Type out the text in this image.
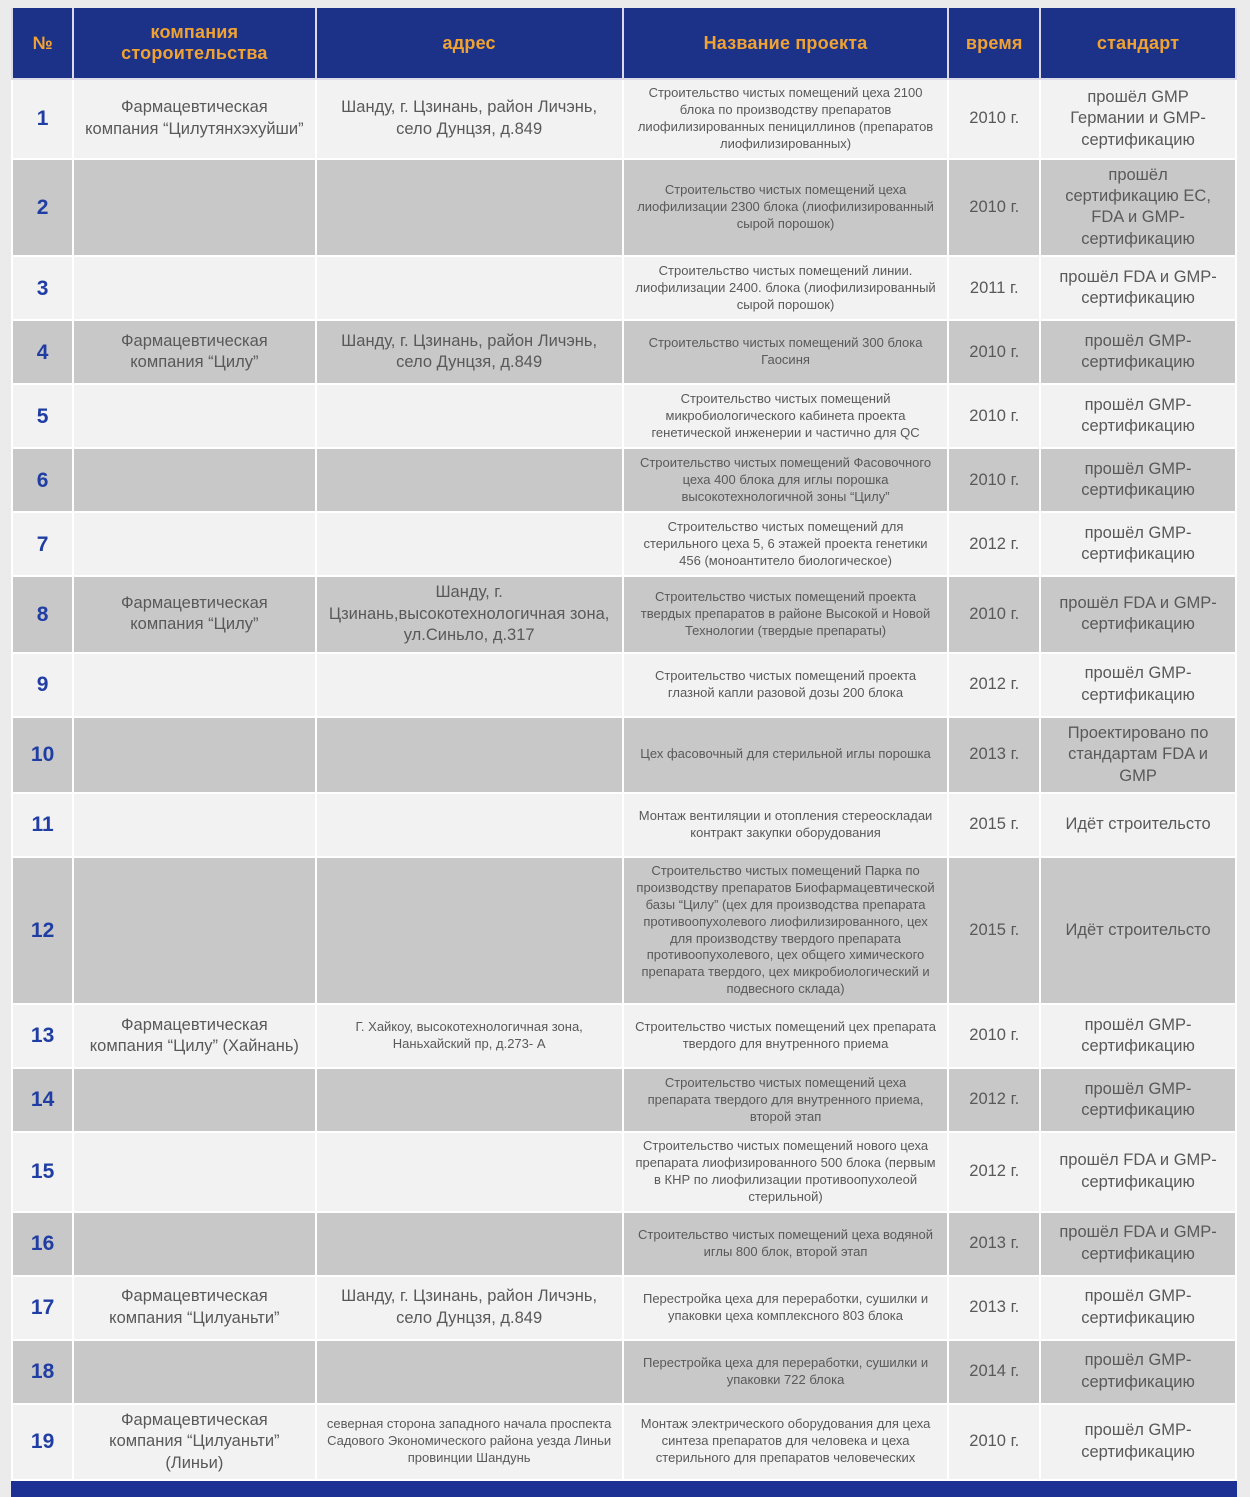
№	компания стороительства	адрес	Название проекта	время	стандарт
1	Фармацевтическая компания “Цилутянхэхуйши”	Шанду, г. Цзинань, район Личэнь, село Дунцзя, д.849	Строительство чистых помещений цеха 2100 блока по производству препаратов лиофилизированных пенициллинов (препаратов лиофилизированных)	2010 г.	прошёл GMP Германии и GMP-сертификацию
2			Строительство чистых помещений цеха лиофилизации 2300 блока (лиофилизированный сырой порошок)	2010 г.	прошёл сертификацию ЕС, FDA и GMP-сертификацию
3			Строительство чистых помещений линии. лиофилизации 2400. блока (лиофилизированный сырой порошок)	2011 г.	прошёл FDA и GMP-сертификацию
4	Фармацевтическая компания “Цилу”	Шанду, г. Цзинань, район Личэнь, село Дунцзя, д.849	Строительство чистых помещений 300 блока Гаосиня	2010 г.	прошёл GMP-сертификацию
5			Строительство чистых помещений микробиологического кабинета проекта генетической инженерии и частично для QC	2010 г.	прошёл GMP-сертификацию
6			Строительство чистых помещений Фасовочного цеха 400 блока для иглы порошка высокотехнологичной зоны “Цилу”	2010 г.	прошёл GMP-сертификацию
7			Строительство чистых помещений для стерильного цеха 5, 6 этажей проекта генетики 456 (моноантитело биологическое)	2012 г.	прошёл GMP-сертификацию
8	Фармацевтическая компания “Цилу”	Шанду, г. Цзинань,высокотехнологичная зона, ул.Синьло, д.317	Строительство чистых помещений проекта твердых препаратов в районе Высокой и Новой Технологии (твердые препараты)	2010 г.	прошёл FDA и GMP-сертификацию
9			Строительство чистых помещений проекта глазной капли разовой дозы 200 блока	2012 г.	прошёл GMP-сертификацию
10			Цех фасовочный для стерильной иглы порошка	2013 г.	Проектировано по стандартам FDA и GMP
11			Монтаж вентиляции и отопления стереоскладаи контракт закупки оборудования	2015 г.	Идёт строительсто
12			Строительство чистых помещений Парка по производству препаратов Биофармацевтической базы “Цилу” (цех для производства препарата противоопухолевого лиофилизированного, цех для производству твердого препарата противоопухолевого, цех общего химического препарата твердого, цех микробиологический и подвесного склада)	2015 г.	Идёт строительсто
13	Фармацевтическая компания “Цилу” (Хайнань)	Г. Хайкоу, высокотехнологичная зона, Наньхайский пр, д.273- А	Строительство чистых помещений цех препарата твердого для внутренного приема	2010 г.	прошёл GMP-сертификацию
14			Строительство чистых помещений цеха препарата твердого для внутренного приема, второй этап	2012 г.	прошёл GMP-сертификацию
15			Строительство чистых помещений нового цеха препарата лиофизированного 500 блока (первым в КНР по лиофилизации противоопухолеой стерильной)	2012 г.	прошёл FDA и GMP-сертификацию
16			Строительство чистых помещений цеха водяной иглы 800 блок, второй этап	2013 г.	прошёл FDA и GMP-сертификацию
17	Фармацевтическая компания “Цилуаньти”	Шанду, г. Цзинань, район Личэнь, село Дунцзя, д.849	Перестройка цеха для переработки, сушилки и упаковки цеха комплексного 803 блока	2013 г.	прошёл GMP-сертификацию
18			Перестройка цеха для переработки, сушилки и упаковки 722 блока	2014 г.	прошёл GMP-сертификацию
19	Фармацевтическая компания “Цилуаньти” (Линьи)	северная сторона западного начала проспекта Садового Экономического района уезда Линьи провинции Шандунь	Монтаж электрического оборудования для цеха синтеза препаратов для человека и цеха стерильного для препаратов человеческих	2010 г.	прошёл GMP-сертификацию
